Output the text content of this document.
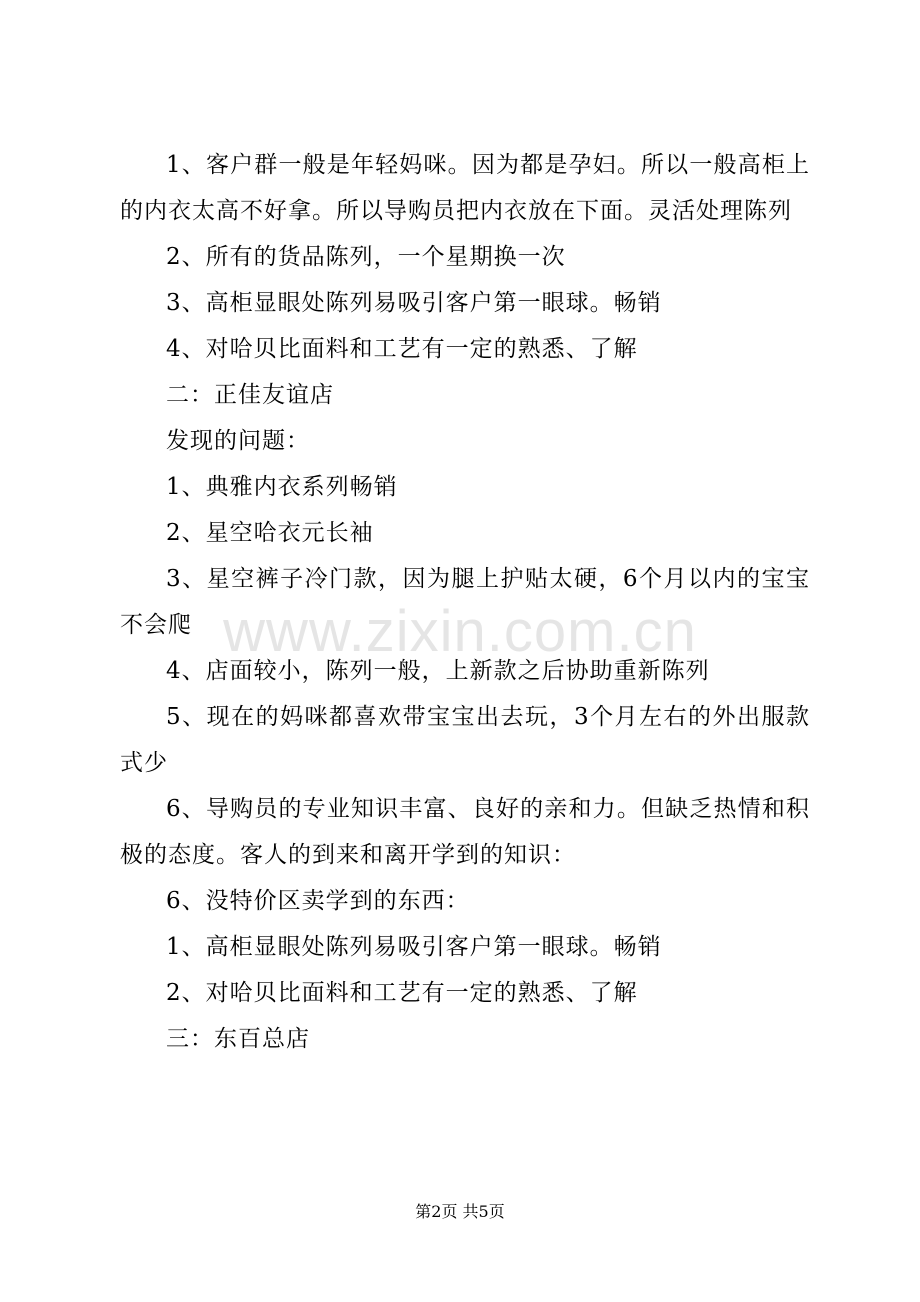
1、客户群一般是年轻妈咪。因为都是孕妇。所以一般高柜上的内衣太高不好拿。所以导购员把内衣放在下面。灵活处理陈列

2、所有的货品陈列，一个星期换一次

3、高柜显眼处陈列易吸引客户第一眼球。畅销

4、对哈贝比面料和工艺有一定的熟悉、了解

二：正佳友谊店

发现的问题：

1、典雅内衣系列畅销

2、星空哈衣元长袖

3、星空裤子冷门款，因为腿上护贴太硬，6个月以内的宝宝不会爬

4、店面较小，陈列一般，上新款之后协助重新陈列

5、现在的妈咪都喜欢带宝宝出去玩，3个月左右的外出服款式少

6、导购员的专业知识丰富、良好的亲和力。但缺乏热情和积极的态度。客人的到来和离开学到的知识：

6、没特价区卖学到的东西：

1、高柜显眼处陈列易吸引客户第一眼球。畅销

2、对哈贝比面料和工艺有一定的熟悉、了解

三：东百总店

www.zixin.com.cn
第2页 共5页
